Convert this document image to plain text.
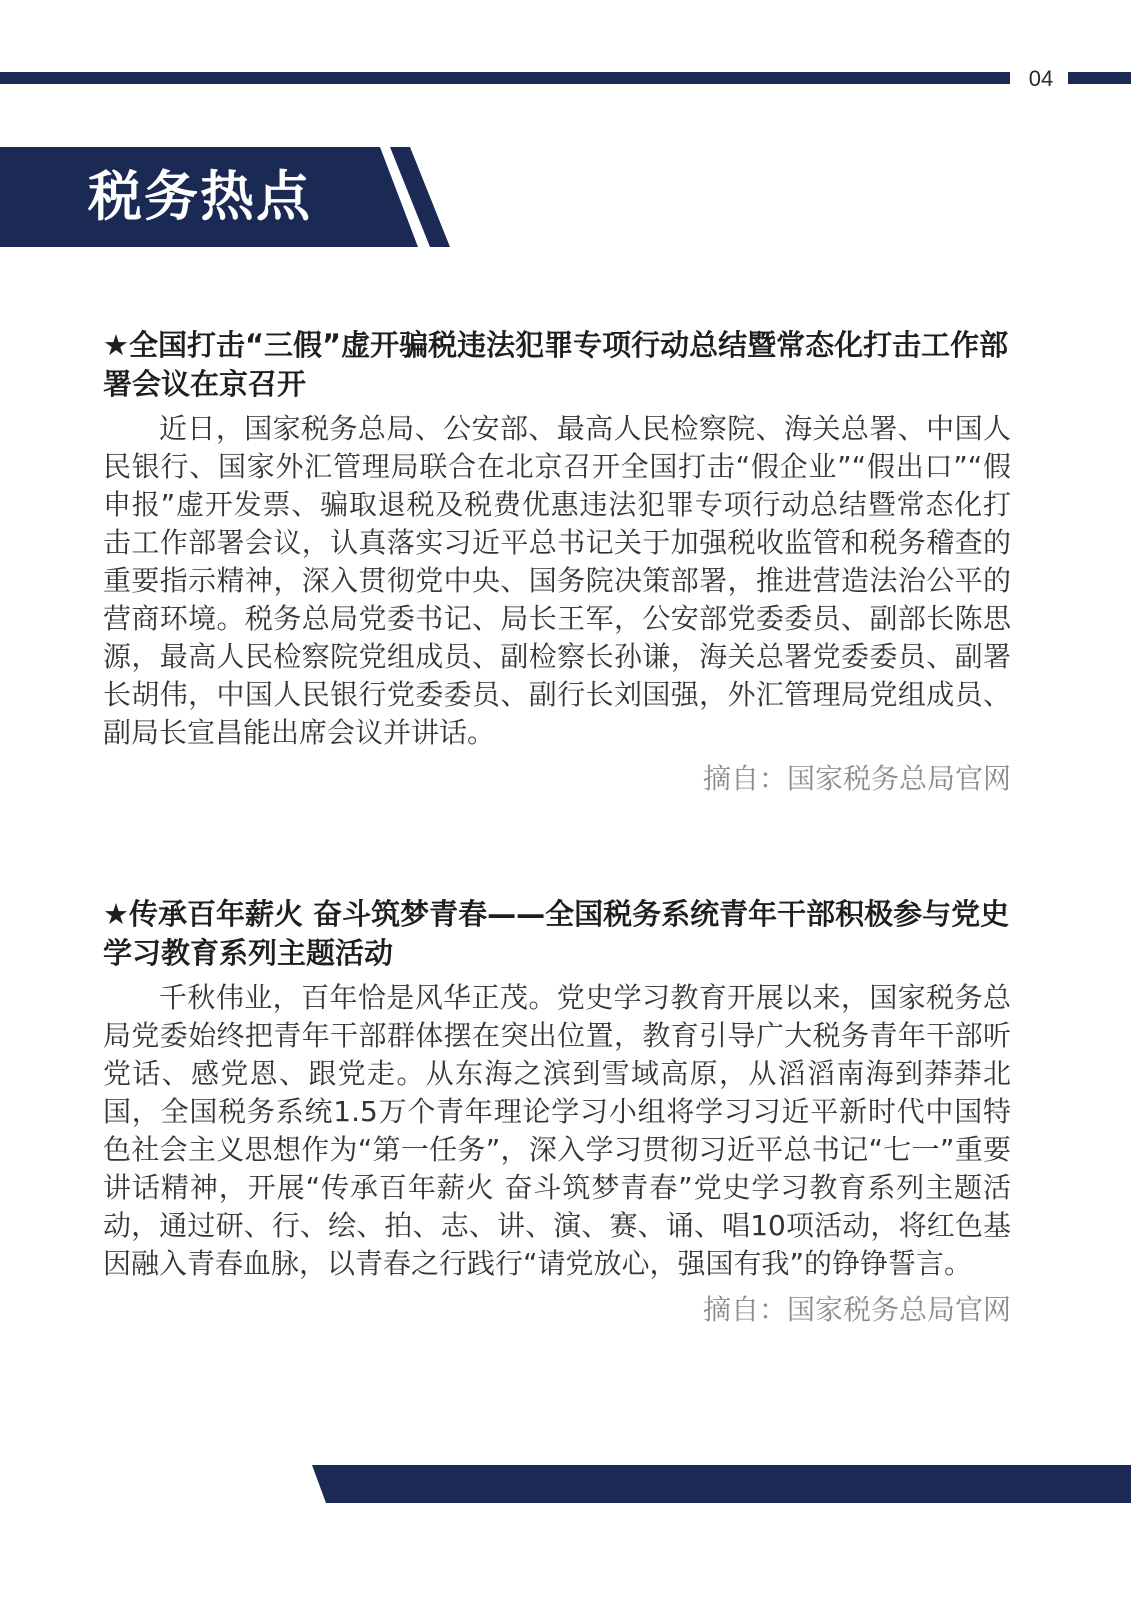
04
税务热点

★全国打击“三假”虚开骗税违法犯罪专项行动总结暨常态化打击工作部署会议在京召开

近日，国家税务总局、公安部、最高人民检察院、海关总署、中国人民银行、国家外汇管理局联合在北京召开全国打击“假企业”“假出口”“假申报”虚开发票、骗取退税及税费优惠违法犯罪专项行动总结暨常态化打击工作部署会议，认真落实习近平总书记关于加强税收监管和税务稽查的重要指示精神，深入贯彻党中央、国务院决策部署，推进营造法治公平的营商环境。税务总局党委书记、局长王军，公安部党委委员、副部长陈思源，最高人民检察院党组成员、副检察长孙谦，海关总署党委委员、副署长胡伟，中国人民银行党委委员、副行长刘国强，外汇管理局党组成员、副局长宣昌能出席会议并讲话。

摘自：国家税务总局官网

★传承百年薪火 奋斗筑梦青春——全国税务系统青年干部积极参与党史学习教育系列主题活动

千秋伟业，百年恰是风华正茂。党史学习教育开展以来，国家税务总局党委始终把青年干部群体摆在突出位置，教育引导广大税务青年干部听党话、感党恩、跟党走。从东海之滨到雪域高原，从滔滔南海到莽莽北国，全国税务系统1.5万个青年理论学习小组将学习习近平新时代中国特色社会主义思想作为“第一任务”，深入学习贯彻习近平总书记“七一”重要讲话精神，开展“传承百年薪火 奋斗筑梦青春”党史学习教育系列主题活动，通过研、行、绘、拍、志、讲、演、赛、诵、唱10项活动，将红色基因融入青春血脉，以青春之行践行“请党放心，强国有我”的铮铮誓言。

摘自：国家税务总局官网
